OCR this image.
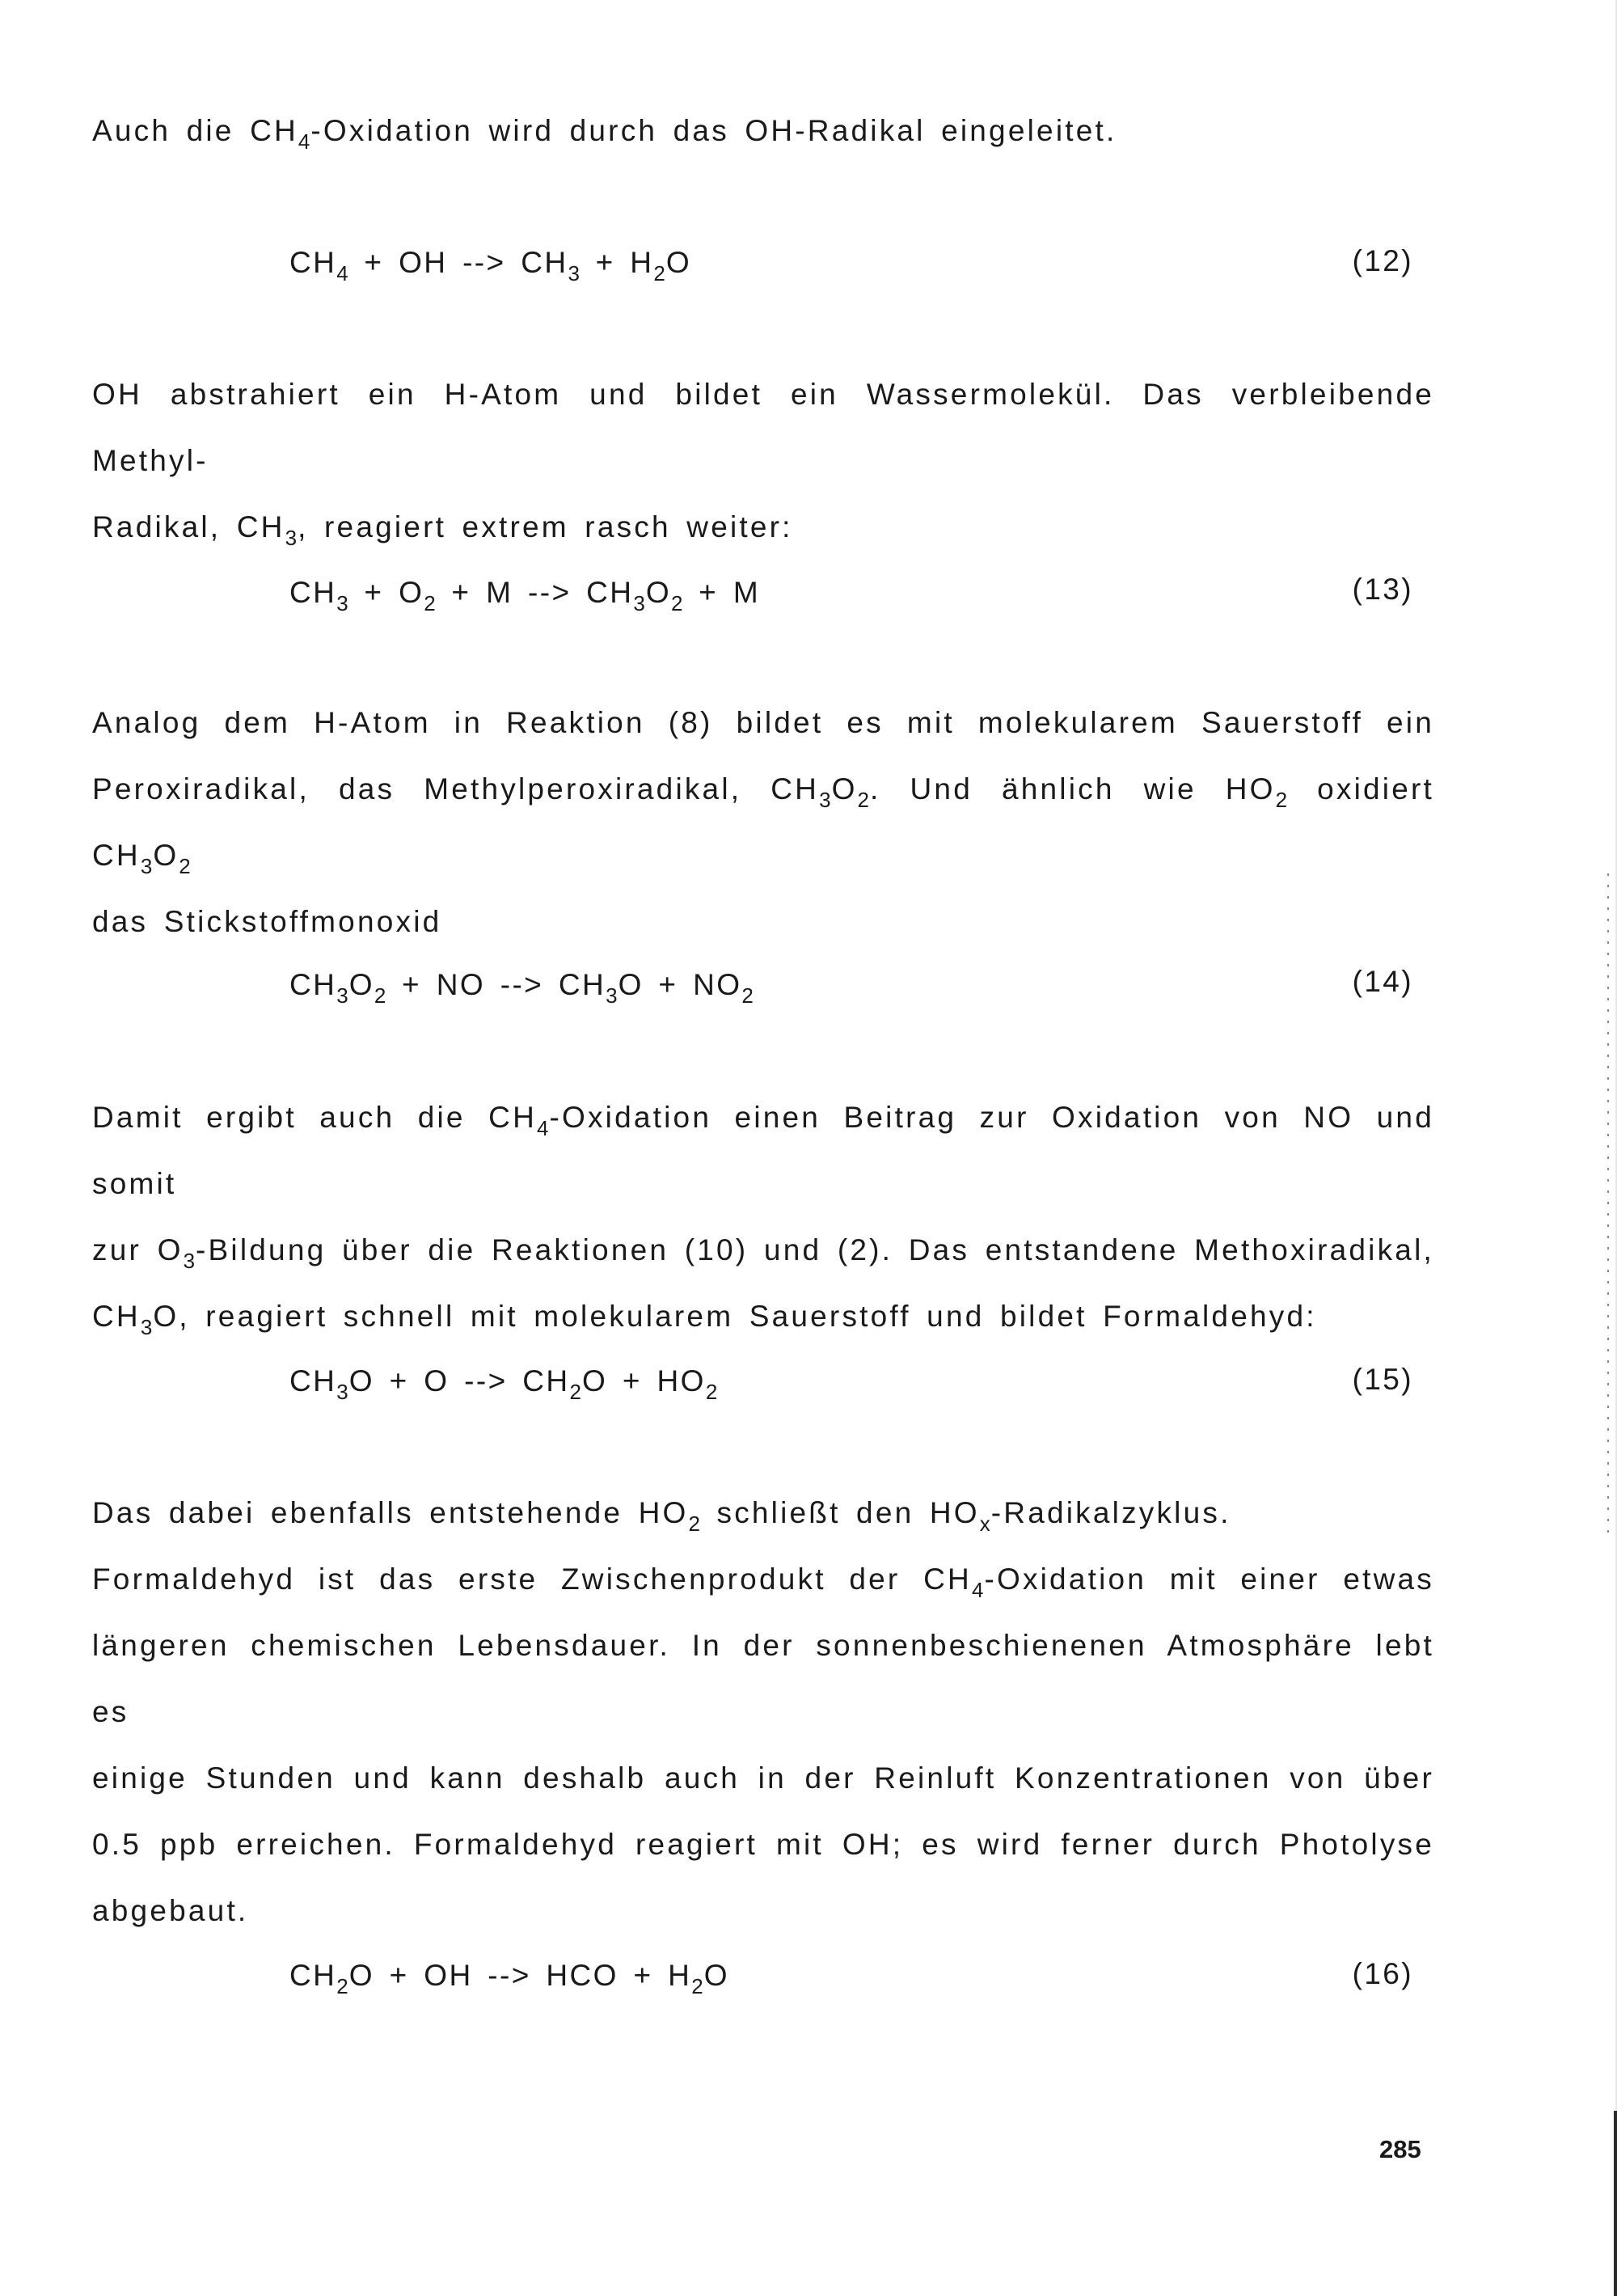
Auch die $CH_4$-Oxidation wird durch das OH-Radikal eingeleitet.
$CH_4$ + OH --> $CH_3 + H_2O$	(12)
OH abstrahiert ein H-Atom und bildet ein Wassermolekül. Das verbleibende Methyl-
Radikal, $CH_3$, reagiert extrem rasch weiter:
$CH_3 + O_2 + M$ --> $CH_3O_2 + M$	(13)
Analog dem H-Atom in Reaktion (8) bildet es mit molekularem Sauerstoff ein
Peroxiradikal, das Methylperoxiradikal, $CH_3O_2$. Und ähnlich wie $HO_2$ oxidiert $CH_3O_2$
das Stickstoffmonoxid
$CH_3O_2$ + NO --> $CH_3O + NO_2$	(14)
Damit ergibt auch die $CH_4$-Oxidation einen Beitrag zur Oxidation von NO und somit
zur $O_3$-Bildung über die Reaktionen (10) und (2). Das entstandene Methoxiradikal,
$CH_3O$, reagiert schnell mit molekularem Sauerstoff und bildet Formaldehyd:
$CH_3O + O$ --> $CH_2O + HO_2$	(15)
Das dabei ebenfalls entstehende $HO_2$ schließt den $HO_x$-Radikalzyklus.
Formaldehyd ist das erste Zwischenprodukt der $CH_4$-Oxidation mit einer etwas
längeren chemischen Lebensdauer. In der sonnenbeschienenen Atmosphäre lebt es
einige Stunden und kann deshalb auch in der Reinluft Konzentrationen von über
0.5 ppb erreichen. Formaldehyd reagiert mit OH; es wird ferner durch Photolyse
abgebaut.
$CH_2O$ + OH --> HCO + $H_2O$	(16)
285
